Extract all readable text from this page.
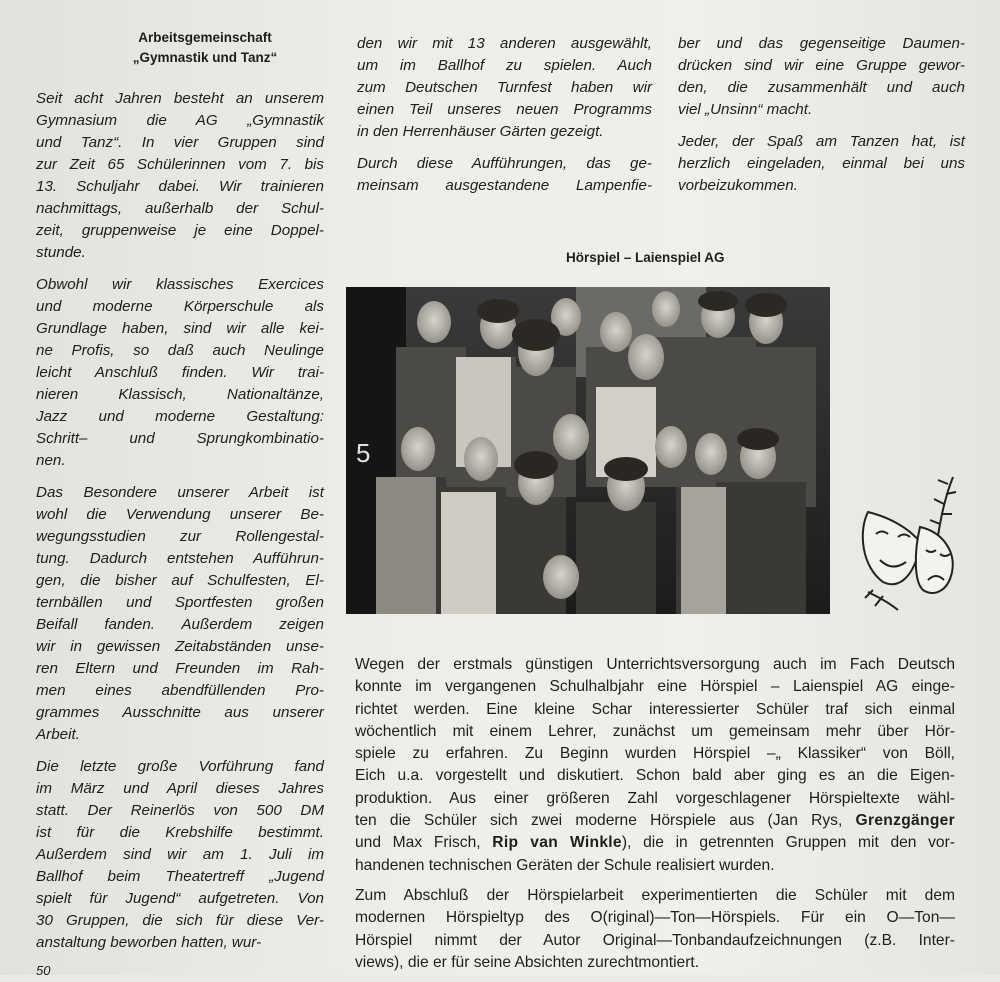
Arbeitsgemeinschaft
„Gymnastik und Tanz“

Seit acht Jahren besteht an unserem
Gymnasium die AG „Gymnastik
und Tanz“. In vier Gruppen sind
zur Zeit 65 Schülerinnen vom 7. bis
13. Schuljahr dabei. Wir trainieren
nachmittags, außerhalb der Schul-
zeit, gruppenweise je eine Doppel-
stunde.

Obwohl wir klassisches Exercices
und moderne Körperschule als
Grundlage haben, sind wir alle kei-
ne Profis, so daß auch Neulinge
leicht Anschluß finden. Wir trai-
nieren Klassisch, Nationaltänze,
Jazz und moderne Gestaltung:
Schritt– und Sprungkombinatio-
nen.

Das Besondere unserer Arbeit ist
wohl die Verwendung unserer Be-
wegungsstudien zur Rollengestal-
tung. Dadurch entstehen Aufführun-
gen, die bisher auf Schulfesten, El-
ternbällen und Sportfesten großen
Beifall fanden. Außerdem zeigen
wir in gewissen Zeitabständen unse-
ren Eltern und Freunden im Rah-
men eines abendfüllenden Pro-
grammes Ausschnitte aus unserer
Arbeit.

Die letzte große Vorführung fand
im März und April dieses Jahres
statt. Der Reinerlös von 500 DM
ist für die Krebshilfe bestimmt.
Außerdem sind wir am 1. Juli im
Ballhof beim Theatertreff „Jugend
spielt für Jugend“ aufgetreten. Von
30 Gruppen, die sich für diese Ver-
anstaltung beworben hatten, wur-

den wir mit 13 anderen ausgewählt,
um im Ballhof zu spielen. Auch
zum Deutschen Turnfest haben wir
einen Teil unseres neuen Programms
in den Herrenhäuser Gärten gezeigt.

Durch diese Aufführungen, das ge-
meinsam ausgestandene Lampenfie-

ber und das gegenseitige Daumen-
drücken sind wir eine Gruppe gewor-
den, die zusammenhält und auch
viel „Unsinn“ macht.

Jeder, der Spaß am Tanzen hat, ist
herzlich eingeladen, einmal bei uns
vorbeizukommen.

Hörspiel – Laienspiel AG
5

Wegen der erstmals günstigen Unterrichtsversorgung auch im Fach Deutsch
konnte im vergangenen Schulhalbjahr eine Hörspiel – Laienspiel AG einge-
richtet werden. Eine kleine Schar interessierter Schüler traf sich einmal
wöchentlich mit einem Lehrer, zunächst um gemeinsam mehr über Hör-
spiele zu erfahren. Zu Beginn wurden Hörspiel –„ Klassiker“ von Böll,
Eich u.a. vorgestellt und diskutiert. Schon bald aber ging es an die Eigen-
produktion. Aus einer größeren Zahl vorgeschlagener Hörspieltexte wähl-
ten die Schüler sich zwei moderne Hörspiele aus (Jan Rys, Grenzgänger
und Max Frisch, Rip van Winkle), die in getrennten Gruppen mit den vor-
handenen technischen Geräten der Schule realisiert wurden.

Zum Abschluß der Hörspielarbeit experimentierten die Schüler mit dem
modernen Hörspieltyp des O(riginal)—Ton—Hörspiels. Für ein O—Ton—
Hörspiel nimmt der Autor Original—Tonbandaufzeichnungen (z.B. Inter-
views), die er für seine Absichten zurechtmontiert.

50
